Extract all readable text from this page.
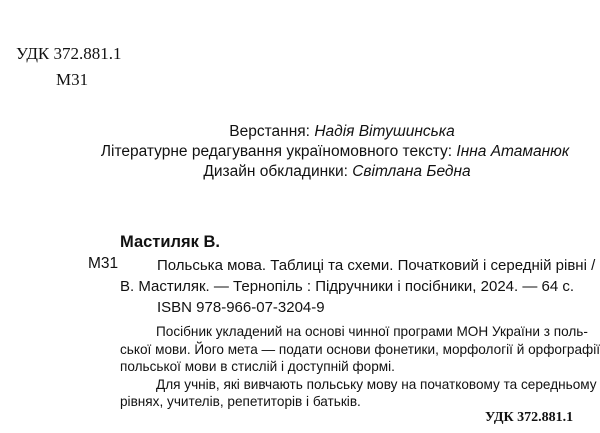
УДК 372.881.1
М31
Верстання: Надія Вітушинська
Літературне редагування україномовного тексту: Інна Атаманюк
Дизайн обкладинки: Світлана Бедна
Мастиляк В.
М31	Польська мова. Таблиці та схеми. Початковий і середній рівні /
В. Мастиляк. — Тернопіль : Підручники і посібники, 2024. — 64 с.
ISBN 978-966-07-3204-9
Посібник укладений на основі чинної програми МОН України з поль-
ської мови. Його мета — подати основи фонетики, морфології й орфографії
польської мови в стислій і доступній формі.
Для учнів, які вивчають польську мову на початковому та середньому
рівнях, учителів, репетиторів і батьків.
УДК 372.881.1
